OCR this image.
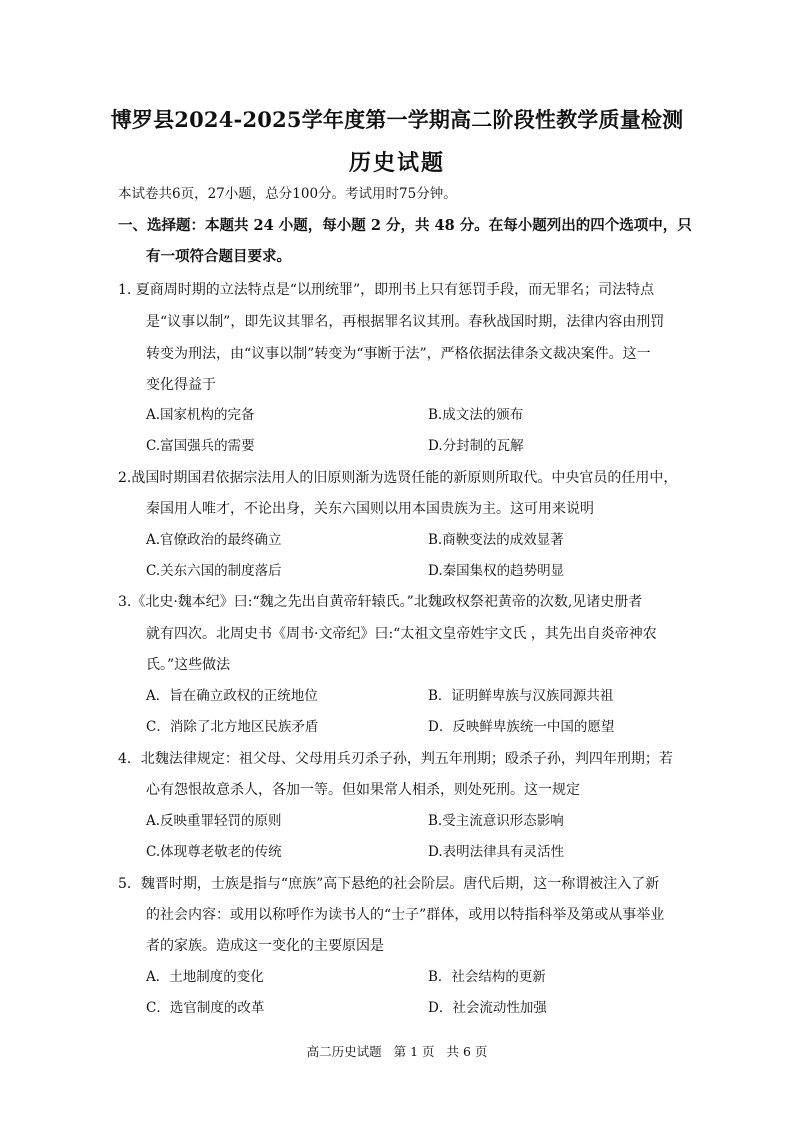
博罗县2024-2025学年度第一学期高二阶段性教学质量检测
历史试题
本试卷共6页，27小题，总分100分。考试用时75分钟。
一、选择题：本题共 24 小题，每小题 2 分，共 48 分。在每小题列出的四个选项中，只
有一项符合题目要求。
1. 夏商周时期的立法特点是“以刑统罪”，即刑书上只有惩罚手段，而无罪名；司法特点
是“议事以制”，即先议其罪名，再根据罪名议其刑。春秋战国时期，法律内容由刑罚
转变为刑法，由“议事以制”转变为“事断于法”，严格依据法律条文裁决案件。这一
变化得益于
A.国家机构的完备	B.成文法的颁布
C.富国强兵的需要	D.分封制的瓦解
2.战国时期国君依据宗法用人的旧原则渐为选贤任能的新原则所取代。中央官员的任用中，
秦国用人唯才，不论出身，关东六国则以用本国贵族为主。这可用来说明
A.官僚政治的最终确立	B.商鞅变法的成效显著
C.关东六国的制度落后	D.秦国集权的趋势明显
3.《北史·魏本纪》曰:“魏之先出自黄帝轩辕氏。”北魏政权祭祀黄帝的次数,见诸史册者
就有四次。北周史书《周书·文帝纪》曰:“太祖文皇帝姓宇文氏 ，其先出自炎帝神农
氏。”这些做法
A．旨在确立政权的正统地位	B．证明鲜卑族与汉族同源共祖
C．消除了北方地区民族矛盾	D．反映鲜卑族统一中国的愿望
4．北魏法律规定：祖父母、父母用兵刃杀子孙，判五年刑期；殴杀子孙，判四年刑期；若
心有怨恨故意杀人，各加一等。但如果常人相杀，则处死刑。这一规定
A.反映重罪轻罚的原则	B.受主流意识形态影响
C.体现尊老敬老的传统	D.表明法律具有灵活性
5．魏晋时期，士族是指与“庶族”高下悬绝的社会阶层。唐代后期，这一称谓被注入了新
的社会内容：或用以称呼作为读书人的“士子”群体，或用以特指科举及第或从事举业
者的家族。造成这一变化的主要原因是
A．土地制度的变化	B．社会结构的更新
C．选官制度的改革	D．社会流动性加强
高二历史试题 第 1 页 共 6 页
